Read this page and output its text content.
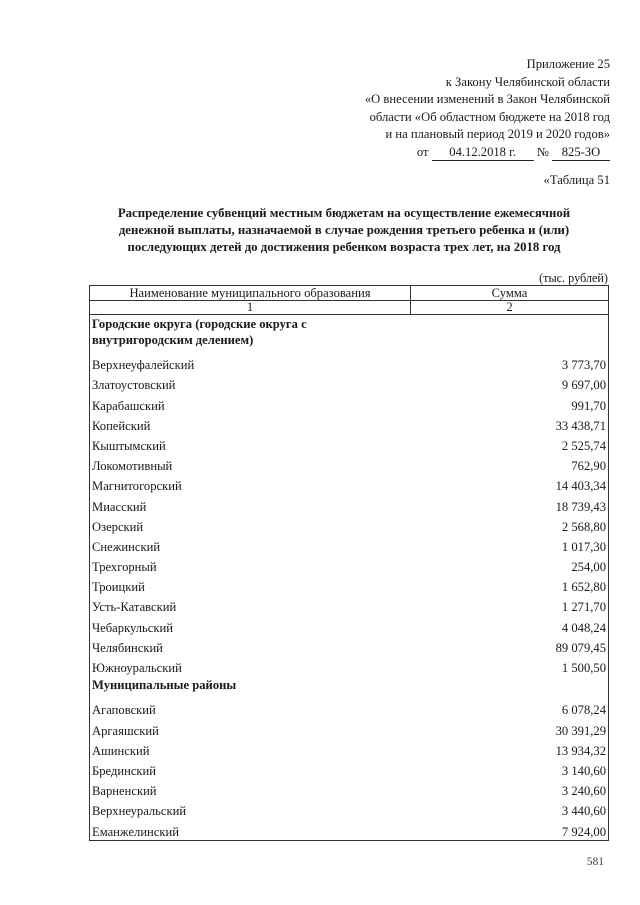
Приложение 25
к Закону Челябинской области
«О внесении изменений в Закон Челябинской
области «Об областном бюджете на 2018 год
и на плановый период 2019 и 2020 годов»
от 04.12.2018 г. № 825-ЗО
«Таблица 51
Распределение субвенций местным бюджетам на осуществление ежемесячной денежной выплаты, назначаемой в случае рождения третьего ребенка и (или) последующих детей до достижения ребенком возраста трех лет, на 2018 год
(тыс. рублей)
Наименование муниципального образования	Сумма
1	2
Городские округа (городские округа с внутригородским делением)	
Верхнеуфалейский	3 773,70
Златоустовский	9 697,00
Карабашский	991,70
Копейский	33 438,71
Кыштымский	2 525,74
Локомотивный	762,90
Магнитогорский	14 403,34
Миасский	18 739,43
Озерский	2 568,80
Снежинский	1 017,30
Трехгорный	254,00
Троицкий	1 652,80
Усть-Катавский	1 271,70
Чебаркульский	4 048,24
Челябинский	89 079,45
Южноуральский	1 500,50
Муниципальные районы	
Агаповский	6 078,24
Аргаяшский	30 391,29
Ашинский	13 934,32
Брединский	3 140,60
Варненский	3 240,60
Верхнеуральский	3 440,60
Еманжелинский	7 924,00
581
